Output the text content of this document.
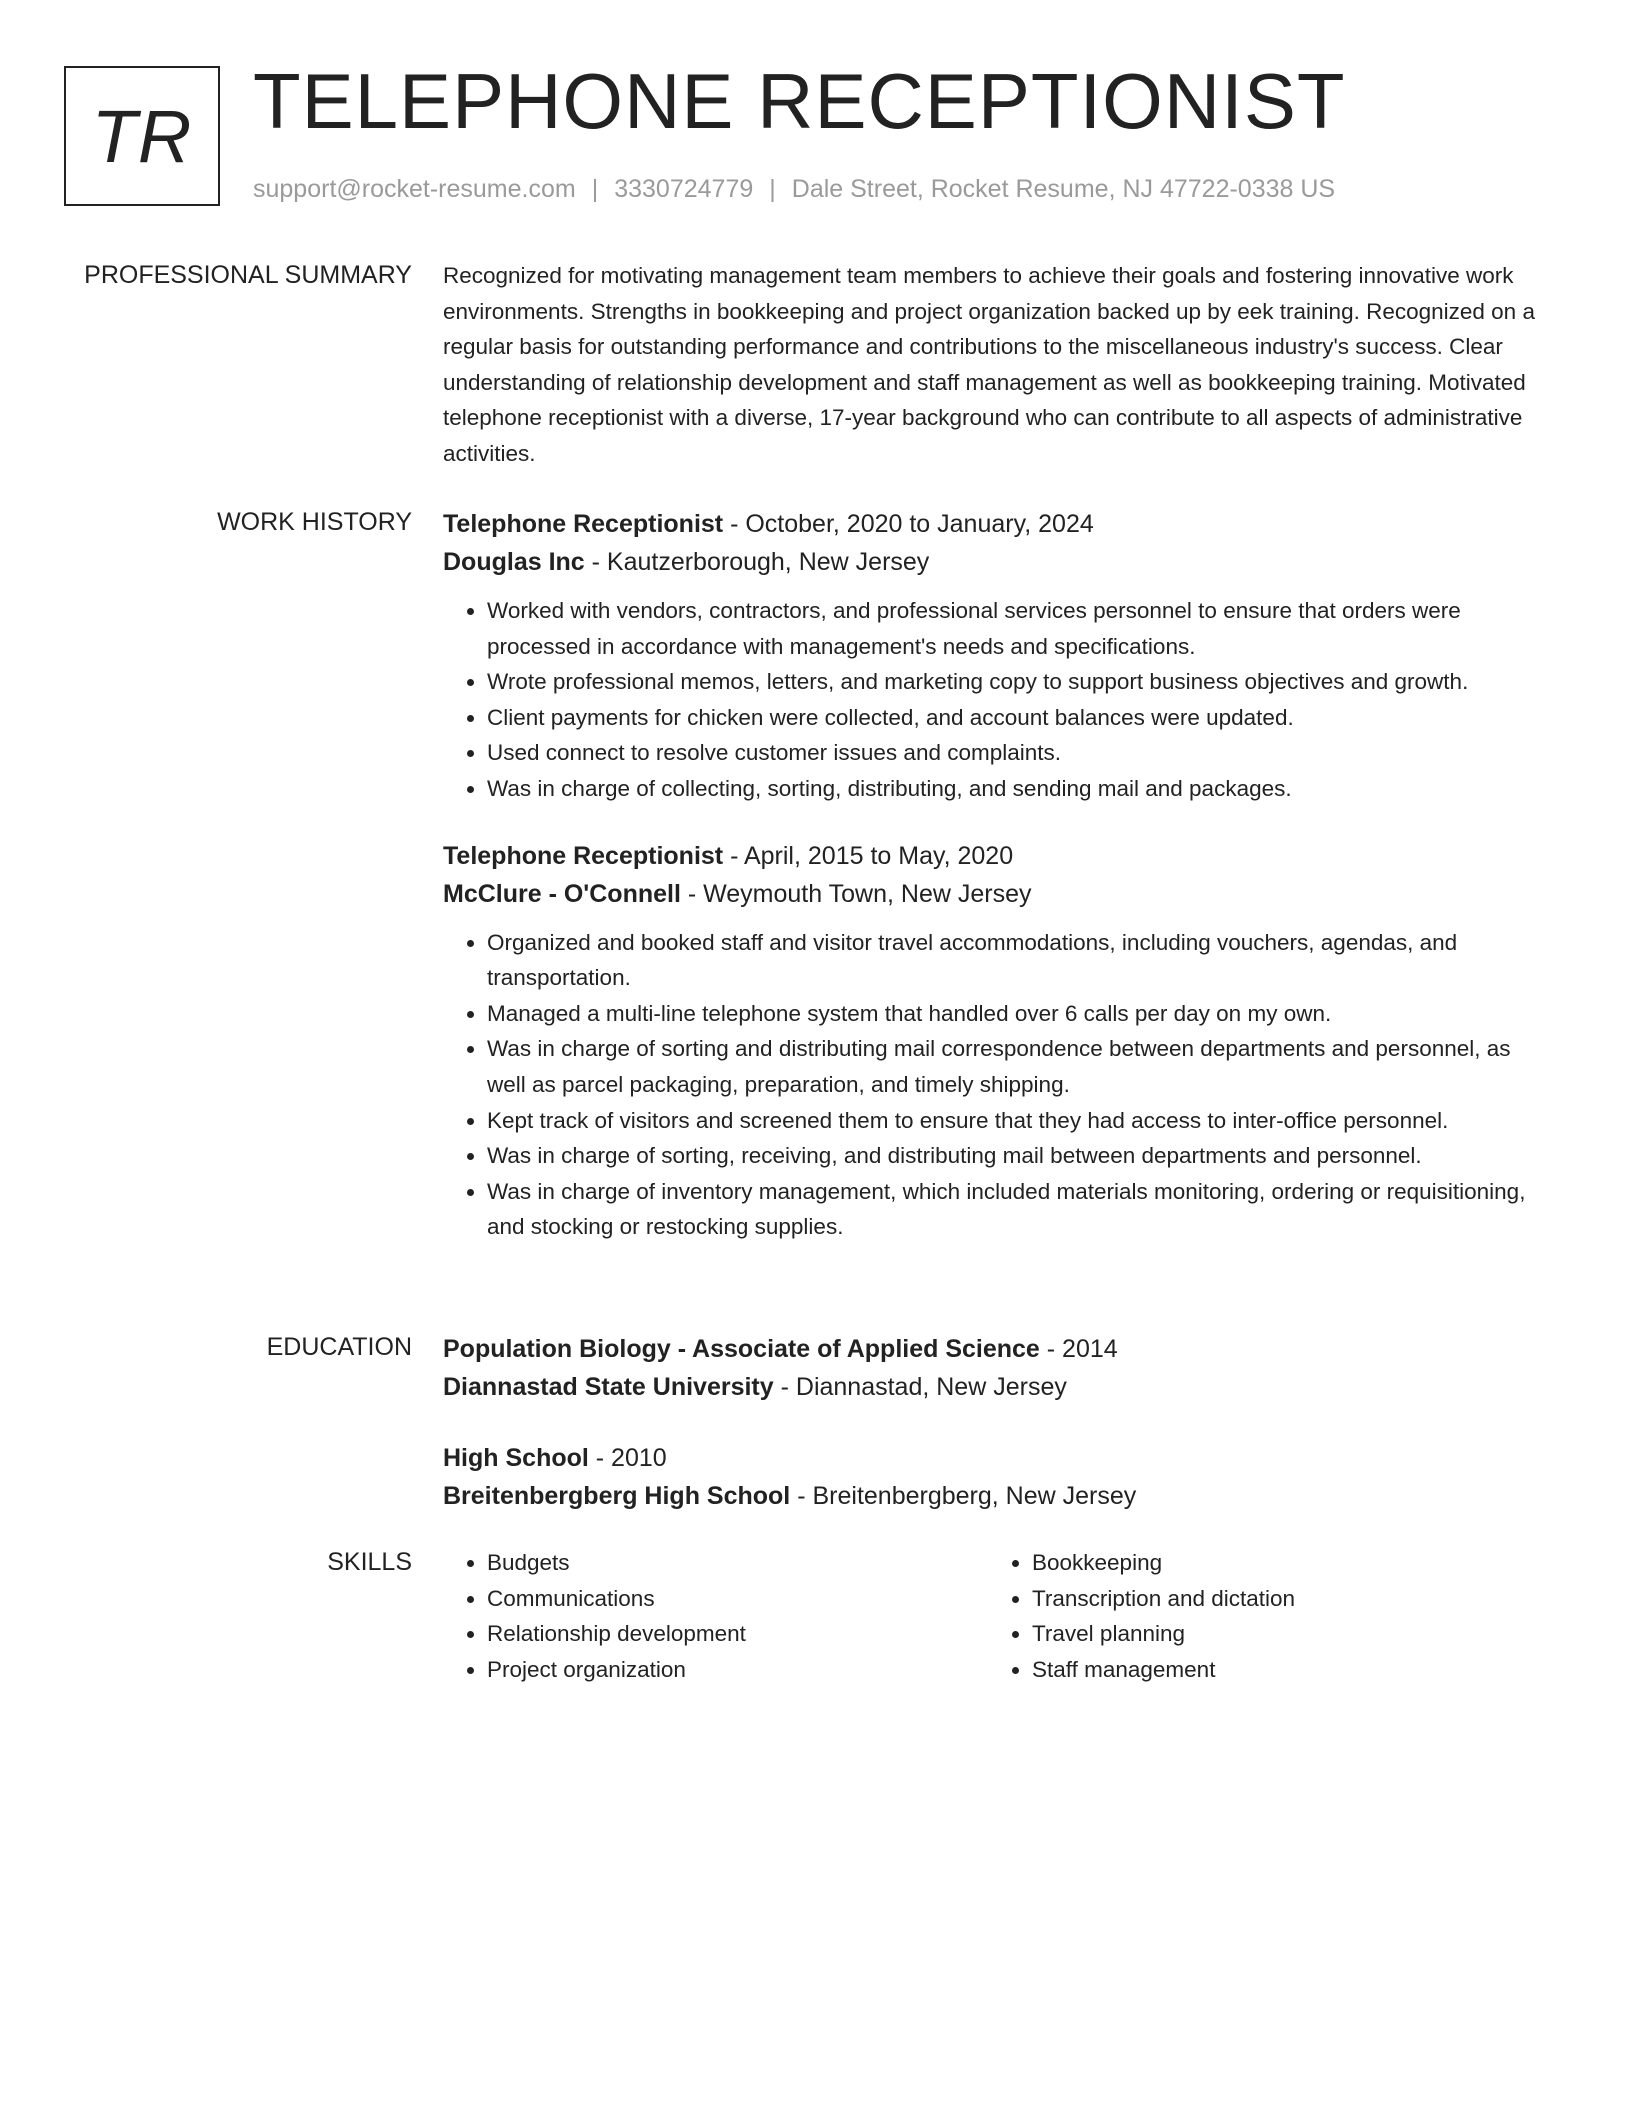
TR TELEPHONE RECEPTIONIST
support@rocket-resume.com | 3330724779 | Dale Street, Rocket Resume, NJ 47722-0338 US
PROFESSIONAL SUMMARY Recognized for motivating management team members to achieve their goals and fostering innovative work environments. Strengths in bookkeeping and project organization backed up by eek training. Recognized on a regular basis for outstanding performance and contributions to the miscellaneous industry's success. Clear understanding of relationship development and staff management as well as bookkeeping training. Motivated telephone receptionist with a diverse, 17-year background who can contribute to all aspects of administrative activities.

WORK HISTORY Telephone Receptionist - October, 2020 to January, 2024
Douglas Inc - Kautzerborough, New Jersey
• Worked with vendors, contractors, and professional services personnel to ensure that orders were processed in accordance with management's needs and specifications.
• Wrote professional memos, letters, and marketing copy to support business objectives and growth.
• Client payments for chicken were collected, and account balances were updated.
• Used connect to resolve customer issues and complaints.
• Was in charge of collecting, sorting, distributing, and sending mail and packages.
Telephone Receptionist - April, 2015 to May, 2020
McClure - O'Connell - Weymouth Town, New Jersey
• Organized and booked staff and visitor travel accommodations, including vouchers, agendas, and transportation.
• Managed a multi-line telephone system that handled over 6 calls per day on my own.
• Was in charge of sorting and distributing mail correspondence between departments and personnel, as well as parcel packaging, preparation, and timely shipping.
• Kept track of visitors and screened them to ensure that they had access to inter-office personnel.
• Was in charge of sorting, receiving, and distributing mail between departments and personnel.
• Was in charge of inventory management, which included materials monitoring, ordering or requisitioning, and stocking or restocking supplies.
EDUCATION Population Biology - Associate of Applied Science - 2014
Diannastad State University - Diannastad, New Jersey
High School - 2010
Breitenbergberg High School - Breitenbergberg, New Jersey
SKILLS
•	Budgets
• Communications
• Relationship development
• Project organization
• Bookkeeping
• Transcription and dictation
• Travel planning
• Staff management
